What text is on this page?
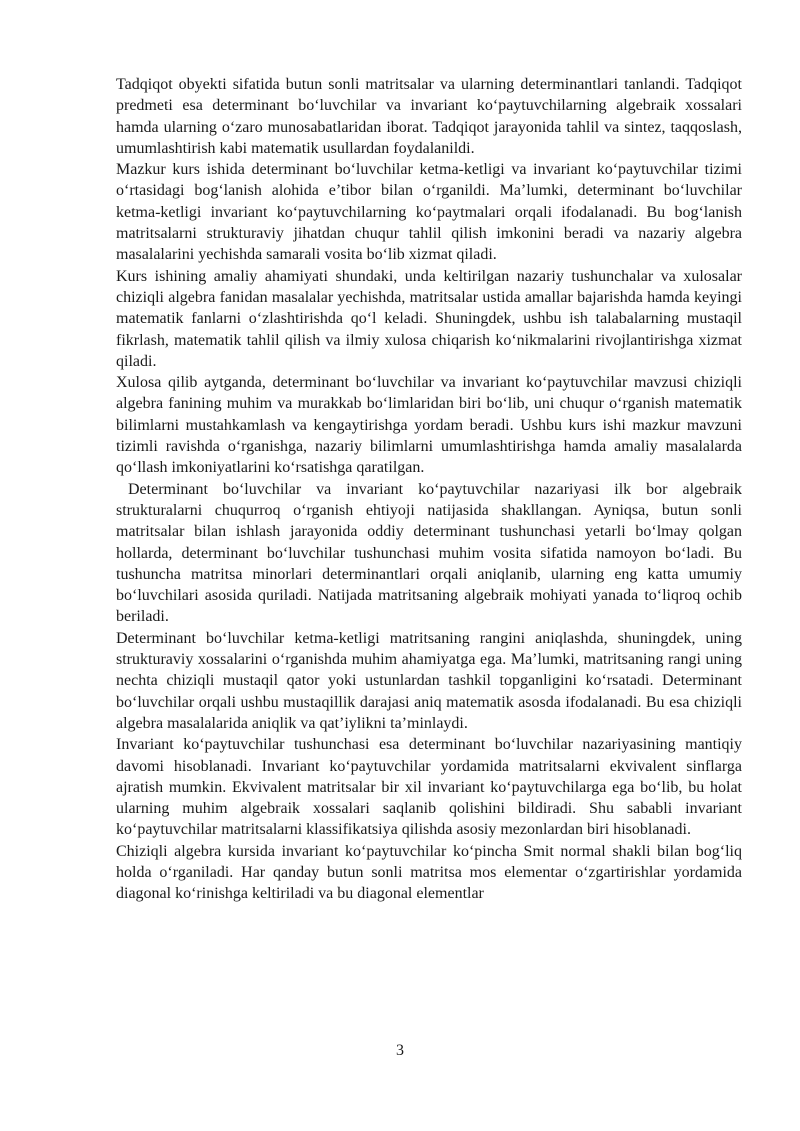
Tadqiqot obyekti sifatida butun sonli matritsalar va ularning determinantlari tanlandi. Tadqiqot predmeti esa determinant bo‘luvchilar va invariant ko‘paytuvchilarning algebraik xossalari hamda ularning o‘zaro munosabatlaridan iborat. Tadqiqot jarayonida tahlil va sintez, taqqoslash, umumlashtirish kabi matematik usullardan foydalanildi.

Mazkur kurs ishida determinant bo‘luvchilar ketma-ketligi va invariant ko‘paytuvchilar tizimi o‘rtasidagi bog‘lanish alohida e’tibor bilan o‘rganildi. Ma’lumki, determinant bo‘luvchilar ketma-ketligi invariant ko‘paytuvchilarning ko‘paytmalari orqali ifodalanadi. Bu bog‘lanish matritsalarni strukturaviy jihatdan chuqur tahlil qilish imkonini beradi va nazariy algebra masalalarini yechishda samarali vosita bo‘lib xizmat qiladi.

Kurs ishining amaliy ahamiyati shundaki, unda keltirilgan nazariy tushunchalar va xulosalar chiziqli algebra fanidan masalalar yechishda, matritsalar ustida amallar bajarishda hamda keyingi matematik fanlarni o‘zlashtirishda qo‘l keladi. Shuningdek, ushbu ish talabalarning mustaqil fikrlash, matematik tahlil qilish va ilmiy xulosa chiqarish ko‘nikmalarini rivojlantirishga xizmat qiladi.

Xulosa qilib aytganda, determinant bo‘luvchilar va invariant ko‘paytuvchilar mavzusi chiziqli algebra fanining muhim va murakkab bo‘limlaridan biri bo‘lib, uni chuqur o‘rganish matematik bilimlarni mustahkamlash va kengaytirishga yordam beradi. Ushbu kurs ishi mazkur mavzuni tizimli ravishda o‘rganishga, nazariy bilimlarni umumlashtirishga hamda amaliy masalalarda qo‘llash imkoniyatlarini ko‘rsatishga qaratilgan.

Determinant bo‘luvchilar va invariant ko‘paytuvchilar nazariyasi ilk bor algebraik strukturalarni chuqurroq o‘rganish ehtiyoji natijasida shakllangan. Ayniqsa, butun sonli matritsalar bilan ishlash jarayonida oddiy determinant tushunchasi yetarli bo‘lmay qolgan hollarda, determinant bo‘luvchilar tushunchasi muhim vosita sifatida namoyon bo‘ladi. Bu tushuncha matritsa minorlari determinantlari orqali aniqlanib, ularning eng katta umumiy bo‘luvchilari asosida quriladi. Natijada matritsaning algebraik mohiyati yanada to‘liqroq ochib beriladi.

Determinant bo‘luvchilar ketma-ketligi matritsaning rangini aniqlashda, shuningdek, uning strukturaviy xossalarini o‘rganishda muhim ahamiyatga ega. Ma’lumki, matritsaning rangi uning nechta chiziqli mustaqil qator yoki ustunlardan tashkil topganligini ko‘rsatadi. Determinant bo‘luvchilar orqali ushbu mustaqillik darajasi aniq matematik asosda ifodalanadi. Bu esa chiziqli algebra masalalarida aniqlik va qat’iylikni ta’minlaydi.

Invariant ko‘paytuvchilar tushunchasi esa determinant bo‘luvchilar nazariyasining mantiqiy davomi hisoblanadi. Invariant ko‘paytuvchilar yordamida matritsalarni ekvivalent sinflarga ajratish mumkin. Ekvivalent matritsalar bir xil invariant ko‘paytuvchilarga ega bo‘lib, bu holat ularning muhim algebraik xossalari saqlanib qolishini bildiradi. Shu sababli invariant ko‘paytuvchilar matritsalarni klassifikatsiya qilishda asosiy mezonlardan biri hisoblanadi.

Chiziqli algebra kursida invariant ko‘paytuvchilar ko‘pincha Smit normal shakli bilan bog‘liq holda o‘rganiladi. Har qanday butun sonli matritsa mos elementar o‘zgartirishlar yordamida diagonal ko‘rinishga keltiriladi va bu diagonal elementlar

3
